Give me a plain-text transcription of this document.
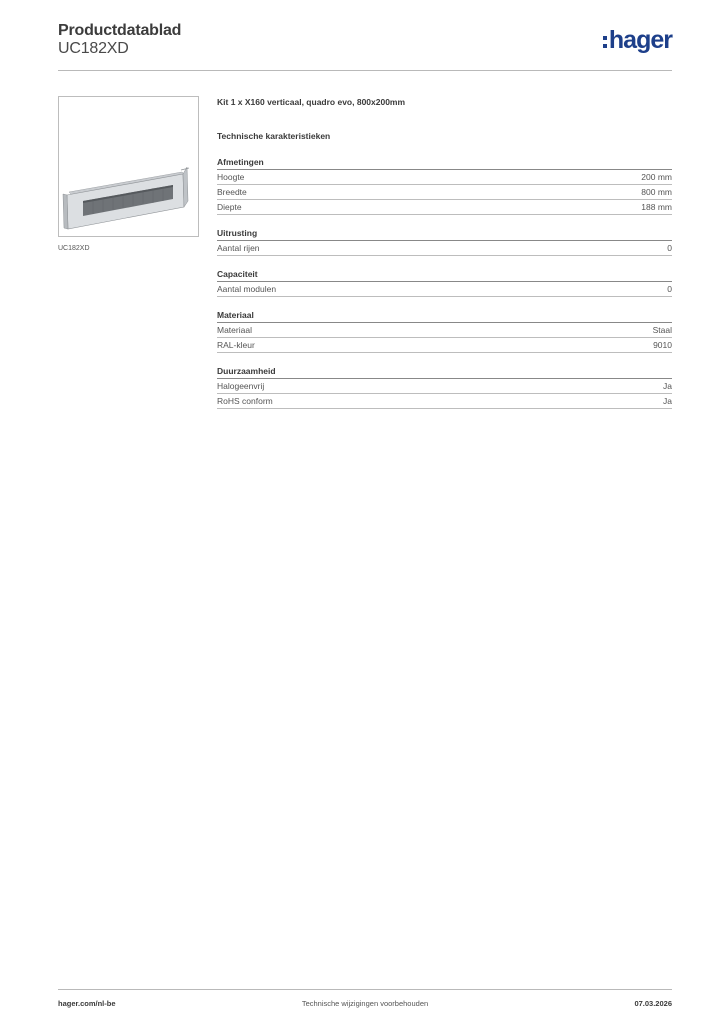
Productdatablad
UC182XD	hager
UC182XD
Kit 1 x X160 verticaal, quadro evo, 800x200mm
Technische karakteristieken
Afmetingen
Hoogte	200 mm
Breedte	800 mm
Diepte	188 mm
Uitrusting
Aantal rijen	0
Capaciteit
Aantal modulen	0
Materiaal
Materiaal	Staal
RAL-kleur	9010
Duurzaamheid
Halogeenvrij	Ja
RoHS conform	Ja
hager.com/nl-be	Technische wijzigingen voorbehouden	07.03.2026
